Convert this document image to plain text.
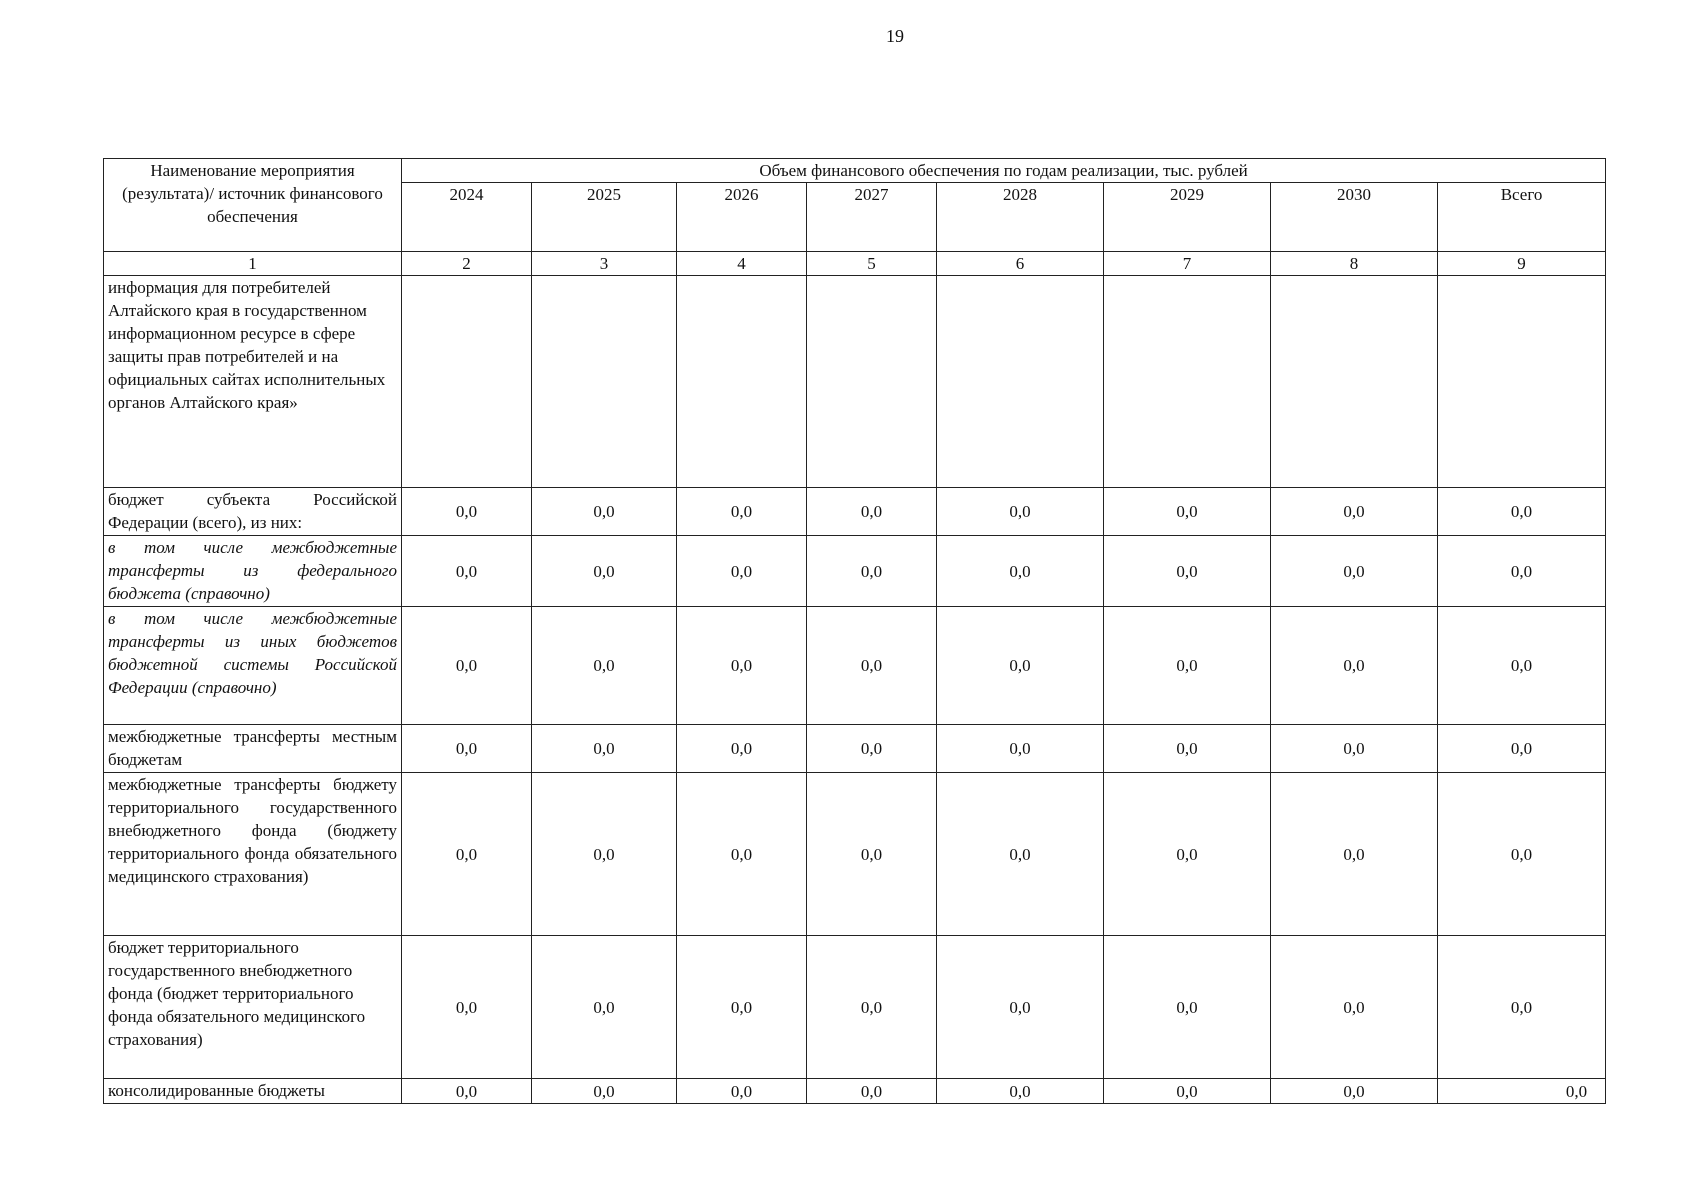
19
Наименование мероприятия (результата)/ источник финансового обеспечения	Объем финансового обеспечения по годам реализации, тыс. рублей							
	2024	2025	2026	2027	2028	2029	2030	Всего
1	2	3	4	5	6	7	8	9
информация для потребителей Алтайского края в государственном информационном ресурсе в сфере защиты прав потребителей и на официальных сайтах исполнительных органов Алтайского края»								
бюджет субъекта Российской Федерации (всего), из них:	0,0	0,0	0,0	0,0	0,0	0,0	0,0	0,0
в том числе межбюджетные трансферты из федерального бюджета (справочно)	0,0	0,0	0,0	0,0	0,0	0,0	0,0	0,0
в том числе межбюджетные трансферты из иных бюджетов бюджетной системы Российской Федерации (справочно)	0,0	0,0	0,0	0,0	0,0	0,0	0,0	0,0
межбюджетные трансферты местным бюджетам	0,0	0,0	0,0	0,0	0,0	0,0	0,0	0,0
межбюджетные трансферты бюджету территориального государственного внебюджетного фонда (бюджету территориального фонда обязательного медицинского страхования)	0,0	0,0	0,0	0,0	0,0	0,0	0,0	0,0
бюджет территориального государственного внебюджетного фонда (бюджет территориального фонда обязательного медицинского страхования)	0,0	0,0	0,0	0,0	0,0	0,0	0,0	0,0
консолидированные бюджеты	0,0	0,0	0,0	0,0	0,0	0,0	0,0	0,0
